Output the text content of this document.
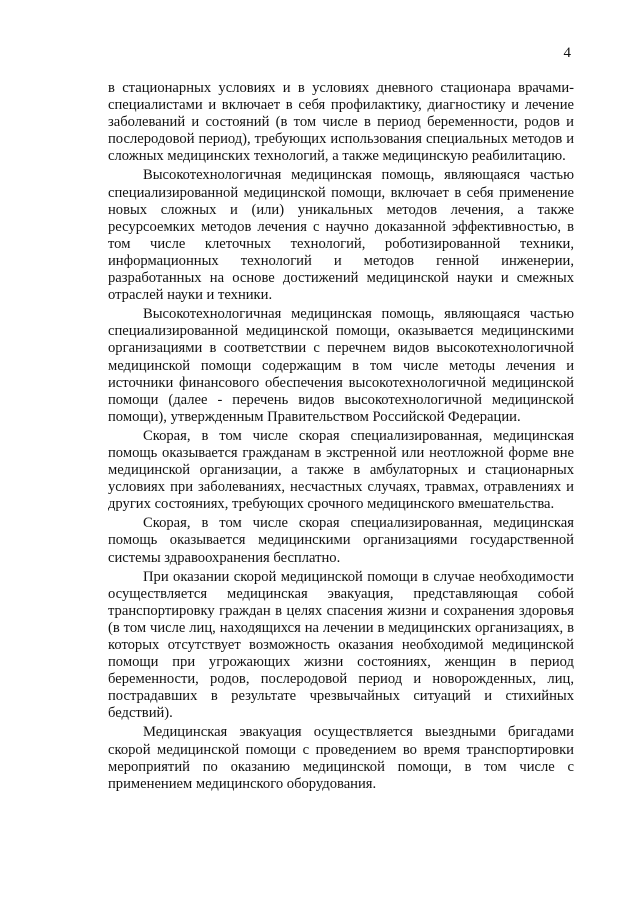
4

в стационарных условиях и в условиях дневного стационара врачами-специалистами и включает в себя профилактику, диагностику и лечение заболеваний и состояний (в том числе в период беременности, родов и послеродовой период), требующих использования специальных методов и сложных медицинских технологий, а также медицинскую реабилитацию.

Высокотехнологичная медицинская помощь, являющаяся частью специализированной медицинской помощи, включает в себя применение новых сложных и (или) уникальных методов лечения, а также ресурсоемких методов лечения с научно доказанной эффективностью, в том числе клеточных технологий, роботизированной техники, информационных технологий и методов генной инженерии, разработанных на основе достижений медицинской науки и смежных отраслей науки и техники.

Высокотехнологичная медицинская помощь, являющаяся частью специализированной медицинской помощи, оказывается медицинскими организациями в соответствии с перечнем видов высокотехнологичной медицинской помощи содержащим в том числе методы лечения и источники финансового обеспечения высокотехнологичной медицинской помощи (далее - перечень видов высокотехнологичной медицинской помощи), утвержденным Правительством Российской Федерации.

Скорая, в том числе скорая специализированная, медицинская помощь оказывается гражданам в экстренной или неотложной форме вне медицинской организации, а также в амбулаторных и стационарных условиях при заболеваниях, несчастных случаях, травмах, отравлениях и других состояниях, требующих срочного медицинского вмешательства.

Скорая, в том числе скорая специализированная, медицинская помощь оказывается медицинскими организациями государственной системы здравоохранения бесплатно.

При оказании скорой медицинской помощи в случае необходимости осуществляется медицинская эвакуация, представляющая собой транспортировку граждан в целях спасения жизни и сохранения здоровья (в том числе лиц, находящихся на лечении в медицинских организациях, в которых отсутствует возможность оказания необходимой медицинской помощи при угрожающих жизни состояниях, женщин в период беременности, родов, послеродовой период и новорожденных, лиц, пострадавших в результате чрезвычайных ситуаций и стихийных бедствий).

Медицинская эвакуация осуществляется выездными бригадами скорой медицинской помощи с проведением во время транспортировки мероприятий по оказанию медицинской помощи, в том числе с применением медицинского оборудования.
